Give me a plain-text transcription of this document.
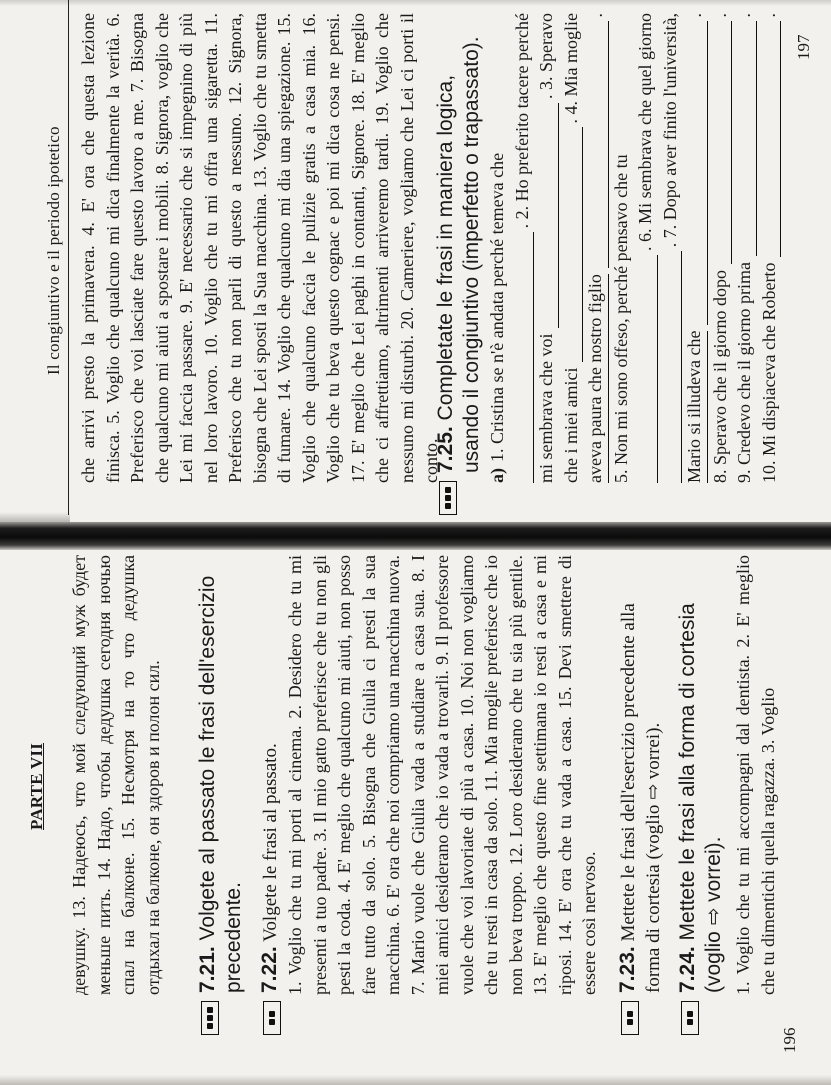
Il congiuntivo e il periodo ipotetico
197

che arrivi presto la primavera. 4. E' ora che questa lezione finisca. 5. Voglio che qualcuno mi dica finalmente la verità. 6. Preferisco che voi lasciate fare questo lavoro a me. 7. Bisogna che qualcuno mi aiuti a spostare i mobili. 8. Signora, voglio che Lei mi faccia passare. 9. E' necessario che si impegnino di più nel loro lavoro. 10. Voglio che tu mi offra una sigaretta. 11. Preferisco che tu non parli di questo a nessuno. 12. Signora, bisogna che Lei sposti la Sua macchina. 13. Voglio che tu smetta di fumare. 14. Voglio che qualcuno mi dia una spiegazione. 15. Voglio che qualcuno faccia le pulizie gratis a casa mia. 16. Voglio che tu beva questo cognac e poi mi dica cosa ne pensi. 17. E' meglio che Lei paghi in contanti, Signore. 18. E' meglio che ci affrettiamo, altrimenti arriveremo tardi. 19. Voglio che nessuno mi disturbi. 20. Cameriere, vogliamo che Lei ci porti il conto.

7.25. Completate le frasi in maniera logica, usando il congiuntivo (imperfetto o trapassato).
a)
1. Cristina se n'è andata perché temeva che
. 2. Ho preferito tacere perché
mi sembrava che voi
. 3. Speravo
che i miei amici
. 4. Mia moglie
aveva paura che nostro figlio
.
5. Non mi sono offeso, perché pensavo che tu
. 6. Mi sembrava che quel giorno . 7. Dopo aver finito l'università,
Mario si illudeva che
.
8. Speravo che il giorno dopo
.
9. Credevo che il giorno prima
.
10. Mi dispiaceva che Roberto
.
PARTE VII
196

девушку. 13. Надеюсь, что мой следующий муж будет меньше пить. 14. Надо, чтобы дедушка сегодня ночью спал на балконе. 15. Несмотря на то что дедушка отдыхал на балконе, он здоров и полон сил. 7.21. Volgete al passato le frasi dell'esercizio precedente. 7.22. Volgete le frasi al passato. 1. Voglio che tu mi porti al cinema. 2. Desidero che tu mi presenti a tuo padre. 3. Il mio gatto preferisce che tu non gli pesti la coda. 4. E' meglio che qualcuno mi aiuti, non posso fare tutto da solo. 5. Bisogna che Giulia ci presti la sua macchina. 6. E' ora che noi compriamo una macchina nuova. 7. Mario vuole che Giulia vada a studiare a casa sua. 8. I miei amici desiderano che io vada a trovarli. 9. Il professore vuole che voi lavoriate di più a casa. 10. Noi non vogliamo che tu resti in casa da solo. 11. Mia moglie preferisce che io non beva troppo. 12. Loro desiderano che tu sia più gentile. 13. E' meglio che questo fine settimana io resti a casa e mi riposi. 14. E' ora che tu vada a casa. 15. Devi smettere di essere così nervoso. 7.23. Mettete le frasi dell'esercizio precedente alla forma di cortesia (voglio ⇨ vorrei). 7.24. Mettete le frasi alla forma di cortesia (voglio ⇨ vorrei). 1. Voglio che tu mi accompagni dal dentista. 2. E' meglio che tu dimentichi quella ragazza. 3. Voglio
